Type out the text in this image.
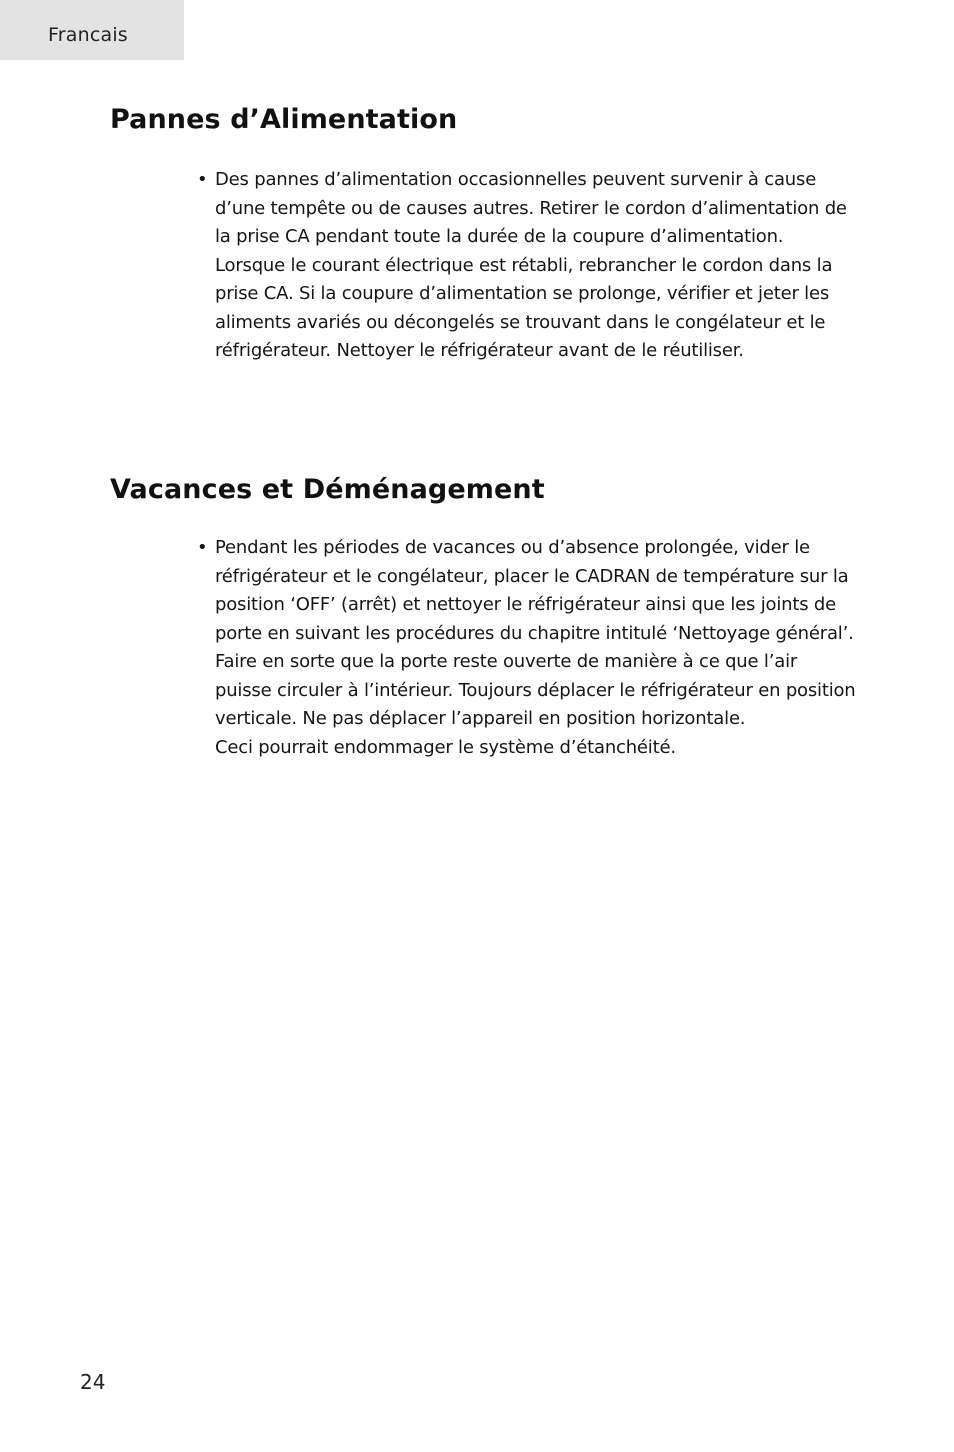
Francais
Pannes d’Alimentation
• Des pannes d’alimentation occasionnelles peuvent survenir à cause
d’une tempête ou de causes autres. Retirer le cordon d’alimentation de
la prise CA pendant toute la durée de la coupure d’alimentation.
Lorsque le courant électrique est rétabli, rebrancher le cordon dans la
prise CA. Si la coupure d’alimentation se prolonge, vérifier et jeter les
aliments avariés ou décongelés se trouvant dans le congélateur et le
réfrigérateur. Nettoyer le réfrigérateur avant de le réutiliser.
Vacances et Déménagement
• Pendant les périodes de vacances ou d’absence prolongée, vider le
réfrigérateur et le congélateur, placer le CADRAN de température sur la
position ‘OFF’ (arrêt) et nettoyer le réfrigérateur ainsi que les joints de
porte en suivant les procédures du chapitre intitulé ‘Nettoyage général’.
Faire en sorte que la porte reste ouverte de manière à ce que l’air
puisse circuler à l’intérieur. Toujours déplacer le réfrigérateur en position
verticale. Ne pas déplacer l’appareil en position horizontale.
Ceci pourrait endommager le système d’étanchéité.
24
